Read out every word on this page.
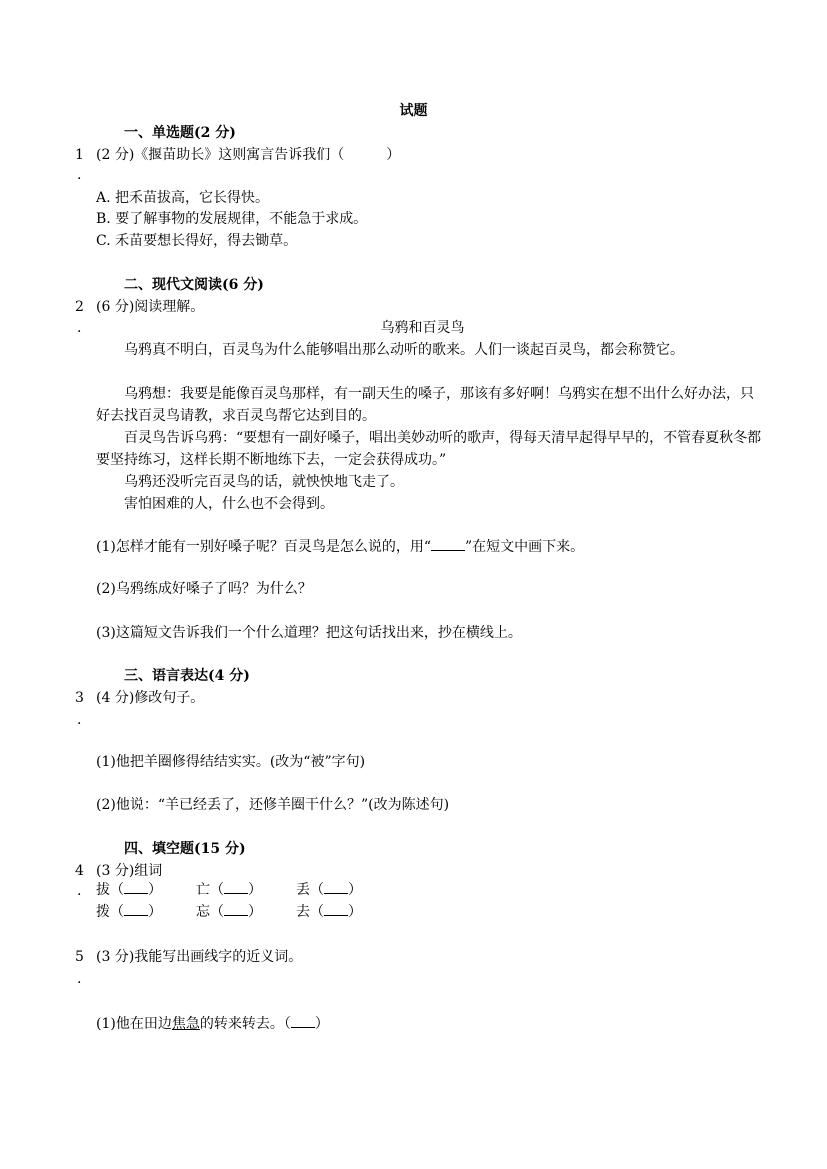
试题
一、单选题(2 分)
1 (2 分)《揠苗助长》这则寓言告诉我们（　　　）
.
A. 把禾苗拔高，它长得快。
B. 要了解事物的发展规律，不能急于求成。
C. 禾苗要想长得好，得去锄草。
二、现代文阅读(6 分)
2 (6 分)阅读理解。
.	乌鸦和百灵鸟
乌鸦真不明白，百灵鸟为什么能够唱出那么动听的歌来。人们一谈起百灵鸟，都会称赞它。
乌鸦想：我要是能像百灵鸟那样，有一副天生的嗓子，那该有多好啊！乌鸦实在想不出什么好办法，只好去找百灵鸟请教，求百灵鸟帮它达到目的。
百灵鸟告诉乌鸦：“要想有一副好嗓子，唱出美妙动听的歌声，得每天清早起得早早的，不管春夏秋冬都要坚持练习，这样长期不断地练下去，一定会获得成功。”
乌鸦还没听完百灵鸟的话，就怏怏地飞走了。
害怕困难的人，什么也不会得到。
(1)怎样才能有一别好嗓子呢？百灵鸟是怎么说的，用“ ”在短文中画下来。
(2)乌鸦练成好嗓子了吗？为什么？
(3)这篇短文告诉我们一个什么道理？把这句话找出来，抄在横线上。
三、语言表达(4 分)
3 (4 分)修改句子。
.
(1)他把羊圈修得结结实实。(改为“被”字句)
(2)他说：“羊已经丢了，还修羊圈干什么？”(改为陈述句)
四、填空题(15 分)
4 (3 分)组词
. 拔（ ） 亡（ ） 丢（ ）
拨（ ） 忘（ ） 去（ ）
5 (3 分)我能写出画线字的近义词。
.
(1)他在田边焦急的转来转去。（ ）
